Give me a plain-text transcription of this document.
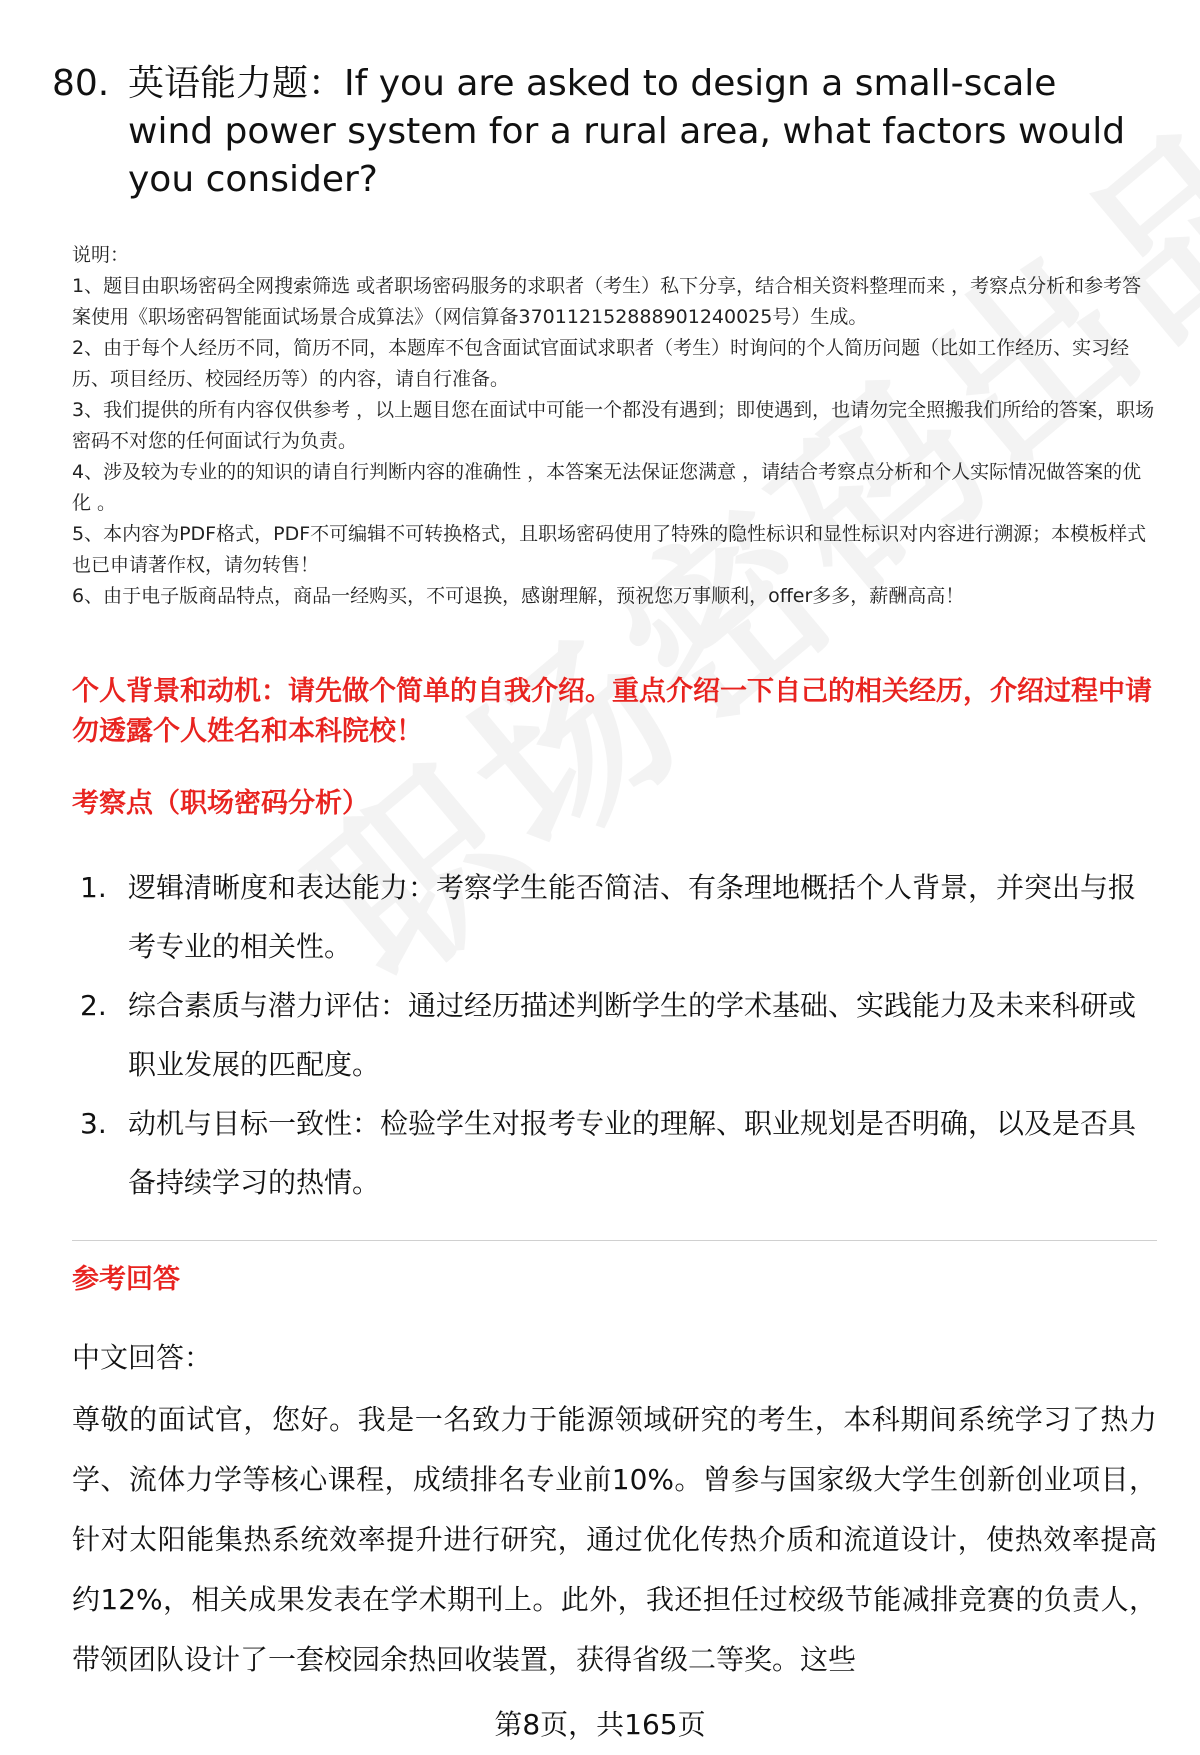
80. 英语能力题：If you are asked to design a small-scale wind power system for a rural area, what factors would you consider?

说明：

1、题目由职场密码全网搜索筛选 或者职场密码服务的求职者（考生）私下分享，结合相关资料整理而来 ，考察点分析和参考答案使用《职场密码智能面试场景合成算法》（网信算备370112152888901240025号）生成。

2、由于每个人经历不同，简历不同，本题库不包含面试官面试求职者（考生）时询问的个人简历问题（比如工作经历、实习经历、项目经历、校园经历等）的内容，请自行准备。

3、我们提供的所有内容仅供参考 ，以上题目您在面试中可能一个都没有遇到；即使遇到，也请勿完全照搬我们所给的答案，职场密码不对您的任何面试行为负责。

4、涉及较为专业的的知识的请自行判断内容的准确性 ，本答案无法保证您满意 ，请结合考察点分析和个人实际情况做答案的优化 。

5、本内容为PDF格式，PDF不可编辑不可转换格式，且职场密码使用了特殊的隐性标识和显性标识对内容进行溯源；本模板样式也已申请著作权，请勿转售！

6、由于电子版商品特点，商品一经购买，不可退换，感谢理解，预祝您万事顺利，offer多多，薪酬高高！

个人背景和动机：请先做个简单的自我介绍。重点介绍一下自己的相关经历，介绍过程中请勿透露个人姓名和本科院校！
考察点（职场密码分析）
1. 逻辑清晰度和表达能力：考察学生能否简洁、有条理地概括个人背景，并突出与报考专业的相关性。
2. 综合素质与潜力评估：通过经历描述判断学生的学术基础、实践能力及未来科研或职业发展的匹配度。
3. 动机与目标一致性：检验学生对报考专业的理解、职业规划是否明确，以及是否具备持续学习的热情。
参考回答
中文回答：
尊敬的面试官，您好。我是一名致力于能源领域研究的考生，本科期间系统学习了热力学、流体力学等核心课程，成绩排名专业前10%。曾参与国家级大学生创新创业项目，针对太阳能集热系统效率提升进行研究，通过优化传热介质和流道设计，使热效率提高约12%，相关成果发表在学术期刊上。此外，我还担任过校级节能减排竞赛的负责人，带领团队设计了一套校园余热回收装置，获得省级二等奖。这些
第8页，共165页
